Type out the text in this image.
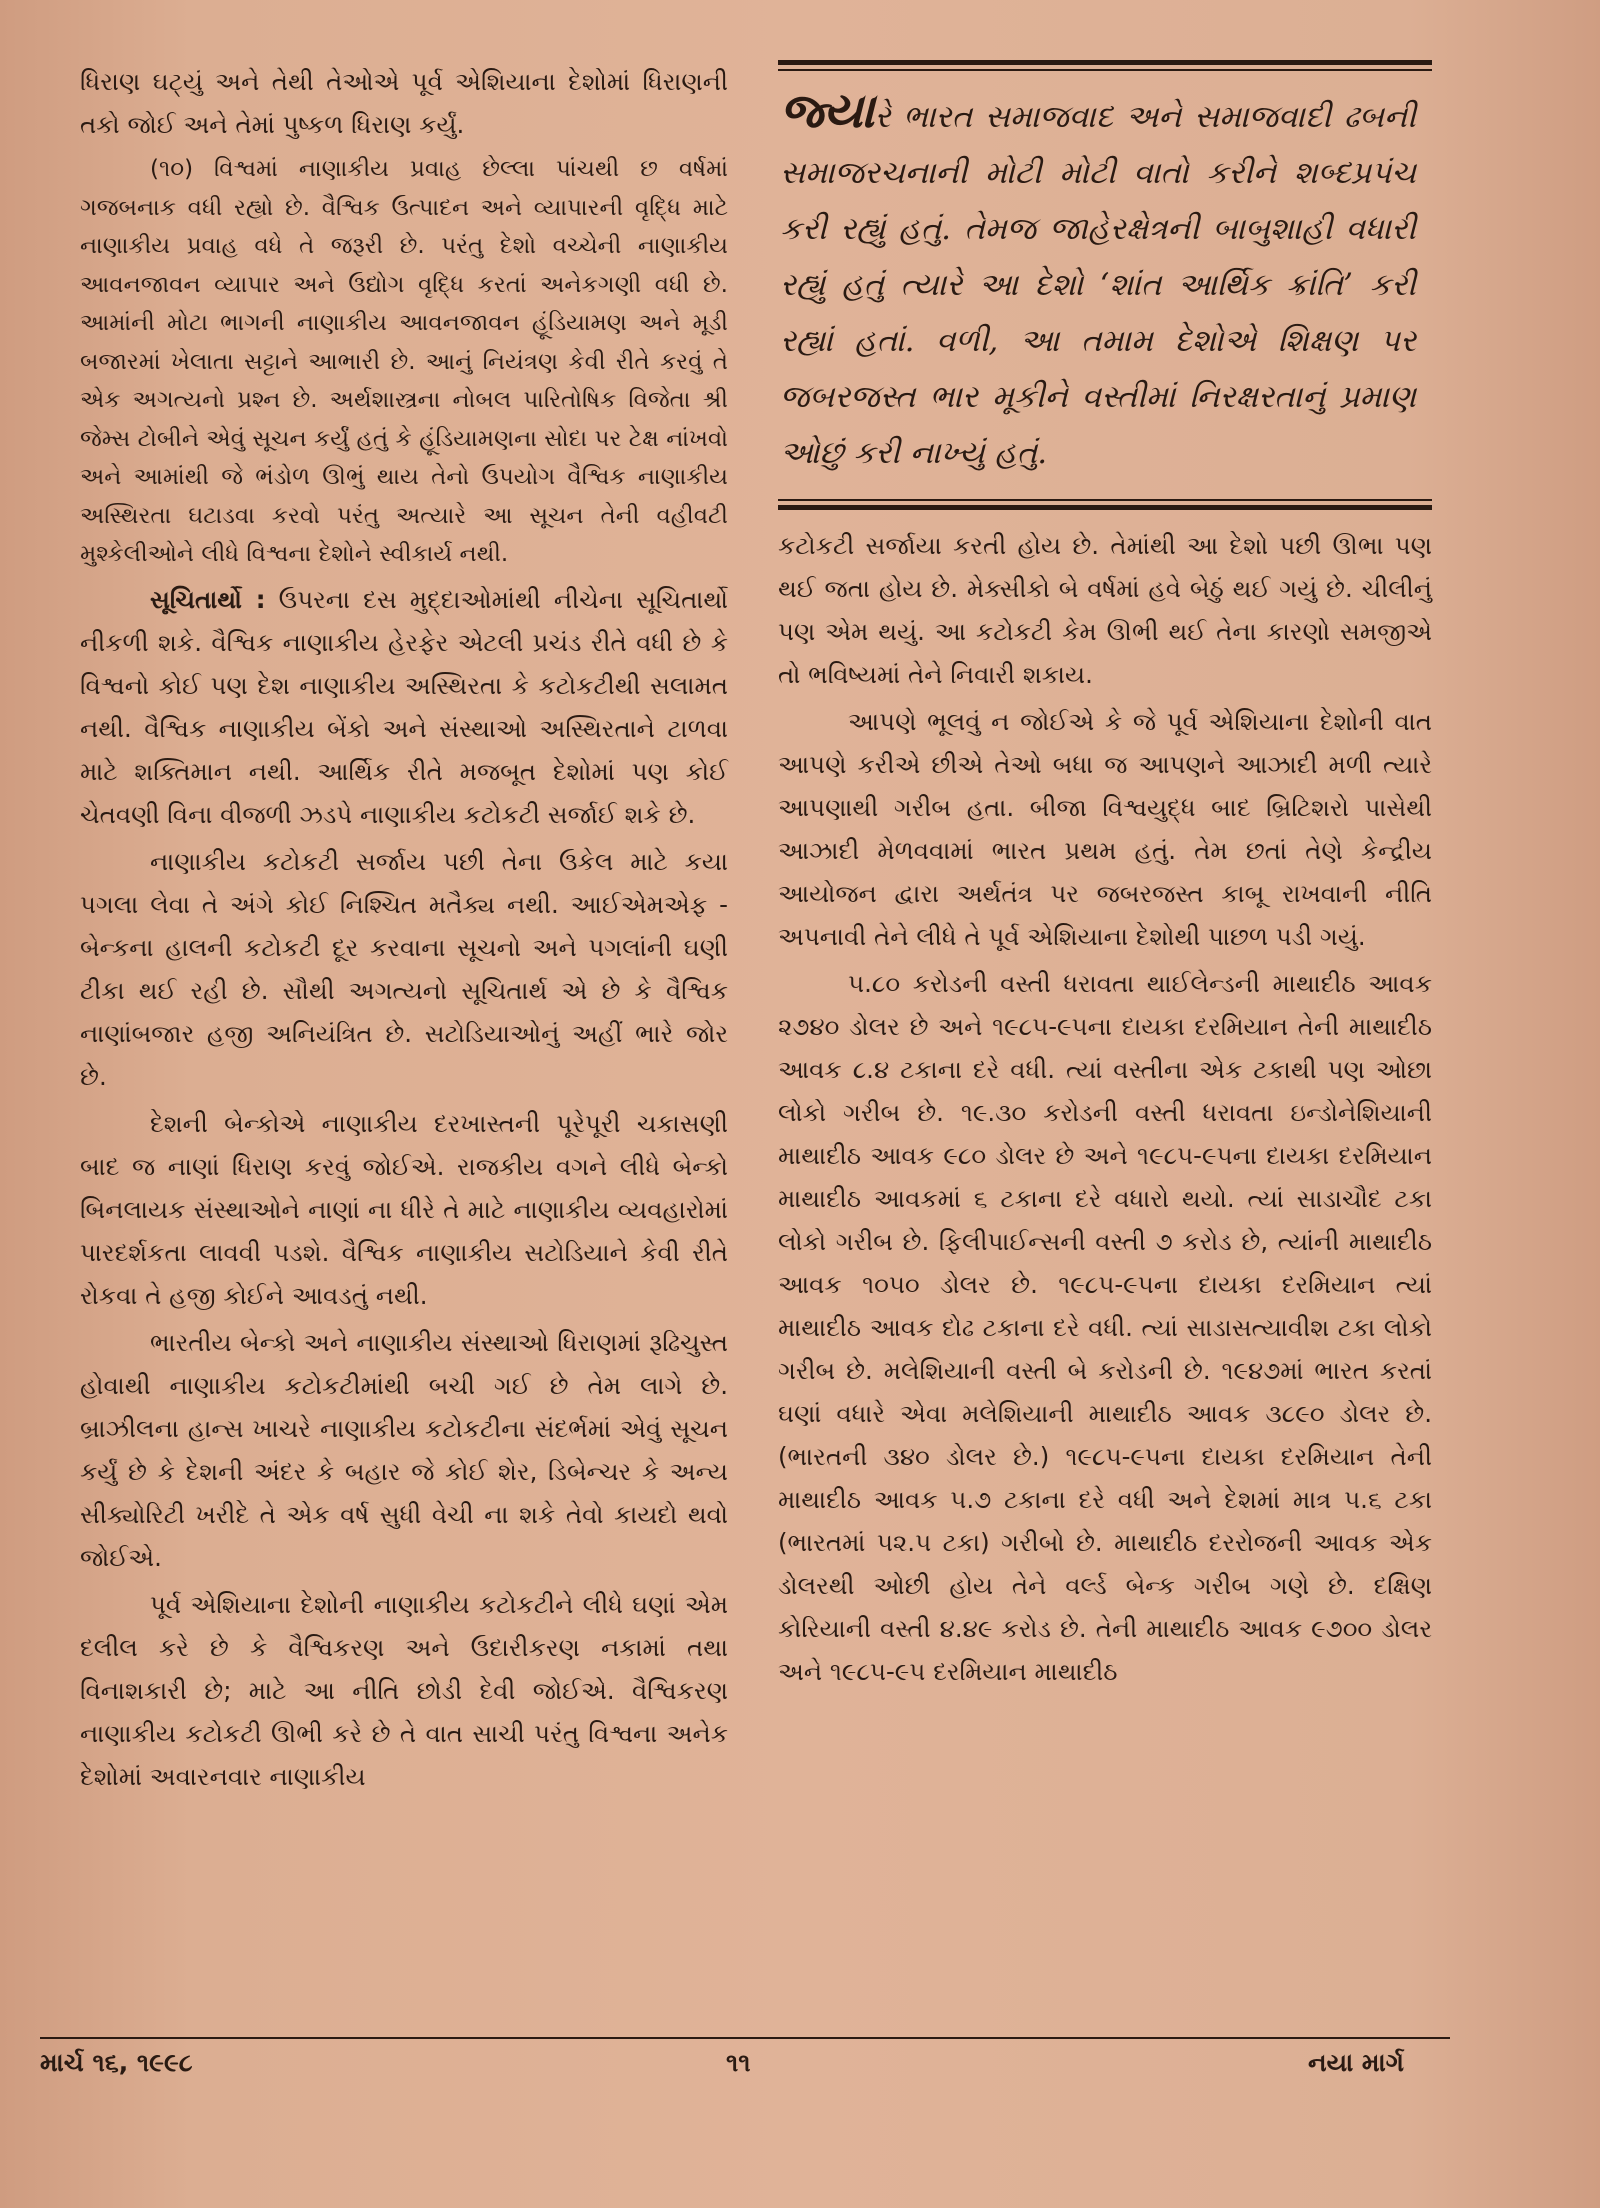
ધિરાણ ઘટ્યું અને તેથી તેઓએ પૂર્વ એશિયાના દેશોમાં ધિરાણની તકો જોઈ અને તેમાં પુષ્કળ ધિરાણ કર્યું.

(૧૦) વિશ્વમાં નાણાકીય પ્રવાહ છેલ્લા પાંચથી છ વર્ષમાં ગજબનાક વધી રહ્યો છે. વૈશ્વિક ઉત્પાદન અને વ્યાપારની વૃદ્ધિ માટે નાણાકીય પ્રવાહ વધે તે જરૂરી છે. પરંતુ દેશો વચ્ચેની નાણાકીય આવનજાવન વ્યાપાર અને ઉદ્યોગ વૃદ્ધિ કરતાં અનેકગણી વધી છે. આમાંની મોટા ભાગની નાણાકીય આવનજાવન હૂંડિયામણ અને મૂડી બજારમાં ખેલાતા સટ્ટાને આભારી છે. આનું નિયંત્રણ કેવી રીતે કરવું તે એક અગત્યનો પ્રશ્ન છે. અર્થશાસ્ત્રના નોબલ પારિતોષિક વિજેતા શ્રી જેમ્સ ટોબીને એવું સૂચન કર્યું હતું કે હૂંડિયામણના સોદા પર ટેક્ષ નાંખવો અને આમાંથી જે ભંડોળ ઊભું થાય તેનો ઉપયોગ વૈશ્વિક નાણાકીય અસ્થિરતા ઘટાડવા કરવો પરંતુ અત્યારે આ સૂચન તેની વહીવટી મુશ્કેલીઓને લીધે વિશ્વના દેશોને સ્વીકાર્ય નથી.

સૂચિતાર્થો : ઉપરના દસ મુદ્દાઓમાંથી નીચેના સૂચિતાર્થો નીકળી શકે. વૈશ્વિક નાણાકીય હેરફેર એટલી પ્રચંડ રીતે વધી છે કે વિશ્વનો કોઈ પણ દેશ નાણાકીય અસ્થિરતા કે કટોકટીથી સલામત નથી. વૈશ્વિક નાણાકીય બેંકો અને સંસ્થાઓ અસ્થિરતાને ટાળવા માટે શક્તિમાન નથી. આર્થિક રીતે મજબૂત દેશોમાં પણ કોઈ ચેતવણી વિના વીજળી ઝડપે નાણાકીય કટોકટી સર્જાઈ શકે છે.

નાણાકીય કટોકટી સર્જાય પછી તેના ઉકેલ માટે કયા પગલા લેવા તે અંગે કોઈ નિશ્ચિત મતૈક્ય નથી. આઈએમએફ - બેન્કના હાલની કટોકટી દૂર કરવાના સૂચનો અને પગલાંની ઘણી ટીકા થઈ રહી છે. સૌથી અગત્યનો સૂચિતાર્થ એ છે કે વૈશ્વિક નાણાંબજાર હજી અનિયંત્રિત છે. સટોડિયાઓનું અહીં ભારે જોર છે.

દેશની બેન્કોએ નાણાકીય દરખાસ્તની પૂરેપૂરી ચકાસણી બાદ જ નાણાં ધિરાણ કરવું જોઈએ. રાજકીય વગને લીધે બેન્કો બિનલાયક સંસ્થાઓને નાણાં ના ધીરે તે માટે નાણાકીય વ્યવહારોમાં પારદર્શકતા લાવવી પડશે. વૈશ્વિક નાણાકીય સટોડિયાને કેવી રીતે રોકવા તે હજી કોઈને આવડતું નથી.

ભારતીય બેન્કો અને નાણાકીય સંસ્થાઓ ધિરાણમાં રૂઢિચુસ્ત હોવાથી નાણાકીય કટોકટીમાંથી બચી ગઈ છે તેમ લાગે છે. બ્રાઝીલના હાન્સ ખાચરે નાણાકીય કટોકટીના સંદર્ભમાં એવું સૂચન કર્યું છે કે દેશની અંદર કે બહાર જે કોઈ શેર, ડિબેન્ચર કે અન્ય સીક્યોરિટી ખરીદે તે એક વર્ષ સુધી વેચી ના શકે તેવો કાયદો થવો જોઈએ.

પૂર્વ એશિયાના દેશોની નાણાકીય કટોકટીને લીધે ઘણાં એમ દલીલ કરે છે કે વૈશ્વિકરણ અને ઉદારીકરણ નકામાં તથા વિનાશકારી છે; માટે આ નીતિ છોડી દેવી જોઈએ. વૈશ્વિકરણ નાણાકીય કટોકટી ઊભી કરે છે તે વાત સાચી પરંતુ વિશ્વના અનેક દેશોમાં અવારનવાર નાણાકીય

જ્યારે ભારત સમાજવાદ અને સમાજવાદી ઢબની સમાજરચનાની મોટી મોટી વાતો કરીને શબ્દપ્રપંચ કરી રહ્યું હતું. તેમજ જાહેરક્ષેત્રની બાબુશાહી વધારી રહ્યું હતું ત્યારે આ દેશો ‘શાંત આર્થિક ક્રાંતિ’ કરી રહ્યાં હતાં. વળી, આ તમામ દેશોએ શિક્ષણ પર જબરજસ્ત ભાર મૂકીને વસ્તીમાં નિરક્ષરતાનું પ્રમાણ ઓછું કરી નાખ્યું હતું.

કટોકટી સર્જાયા કરતી હોય છે. તેમાંથી આ દેશો પછી ઊભા પણ થઈ જતા હોય છે. મેક્સીકો બે વર્ષમાં હવે બેઠું થઈ ગયું છે. ચીલીનું પણ એમ થયું. આ કટોકટી કેમ ઊભી થઈ તેના કારણો સમજીએ તો ભવિષ્યમાં તેને નિવારી શકાય.

આપણે ભૂલવું ન જોઈએ કે જે પૂર્વ એશિયાના દેશોની વાત આપણે કરીએ છીએ તેઓ બધા જ આપણને આઝાદી મળી ત્યારે આપણાથી ગરીબ હતા. બીજા વિશ્વયુદ્ધ બાદ બ્રિટિશરો પાસેથી આઝાદી મેળવવામાં ભારત પ્રથમ હતું. તેમ છતાં તેણે કેન્દ્રીય આયોજન દ્વારા અર્થતંત્ર પર જબરજસ્ત કાબૂ રાખવાની નીતિ અપનાવી તેને લીધે તે પૂર્વ એશિયાના દેશોથી પાછળ પડી ગયું.

૫.૮૦ કરોડની વસ્તી ધરાવતા થાઈલેન્ડની માથાદીઠ આવક ૨૭૪૦ ડોલર છે અને ૧૯૮૫-૯૫ના દાયકા દરમિયાન તેની માથાદીઠ આવક ૮.૪ ટકાના દરે વધી. ત્યાં વસ્તીના એક ટકાથી પણ ઓછા લોકો ગરીબ છે. ૧૯.૩૦ કરોડની વસ્તી ધરાવતા ઇન્ડોનેશિયાની માથાદીઠ આવક ૯૮૦ ડોલર છે અને ૧૯૮૫-૯૫ના દાયકા દરમિયાન માથાદીઠ આવકમાં ૬ ટકાના દરે વધારો થયો. ત્યાં સાડાચૌદ ટકા લોકો ગરીબ છે. ફિલીપાઈન્સની વસ્તી ૭ કરોડ છે, ત્યાંની માથાદીઠ આવક ૧૦૫૦ ડોલર છે. ૧૯૮૫-૯૫ના દાયકા દરમિયાન ત્યાં માથાદીઠ આવક દોઢ ટકાના દરે વધી. ત્યાં સાડાસત્યાવીશ ટકા લોકો ગરીબ છે. મલેશિયાની વસ્તી બે કરોડની છે. ૧૯૪૭માં ભારત કરતાં ઘણાં વધારે એવા મલેશિયાની માથાદીઠ આવક ૩૮૯૦ ડોલર છે. (ભારતની ૩૪૦ ડોલર છે.) ૧૯૮૫-૯૫ના દાયકા દરમિયાન તેની માથાદીઠ આવક ૫.૭ ટકાના દરે વધી અને દેશમાં માત્ર ૫.૬ ટકા (ભારતમાં ૫૨.૫ ટકા) ગરીબો છે. માથાદીઠ દરરોજની આવક એક ડોલરથી ઓછી હોય તેને વર્લ્ડ બેન્ક ગરીબ ગણે છે. દક્ષિણ કોરિયાની વસ્તી ૪.૪૯ કરોડ છે. તેની માથાદીઠ આવક ૯૭૦૦ ડોલર અને ૧૯૮૫-૯૫ દરમિયાન માથાદીઠ

માર્ચ ૧૬, ૧૯૯૮	૧૧	નયા માર્ગ
